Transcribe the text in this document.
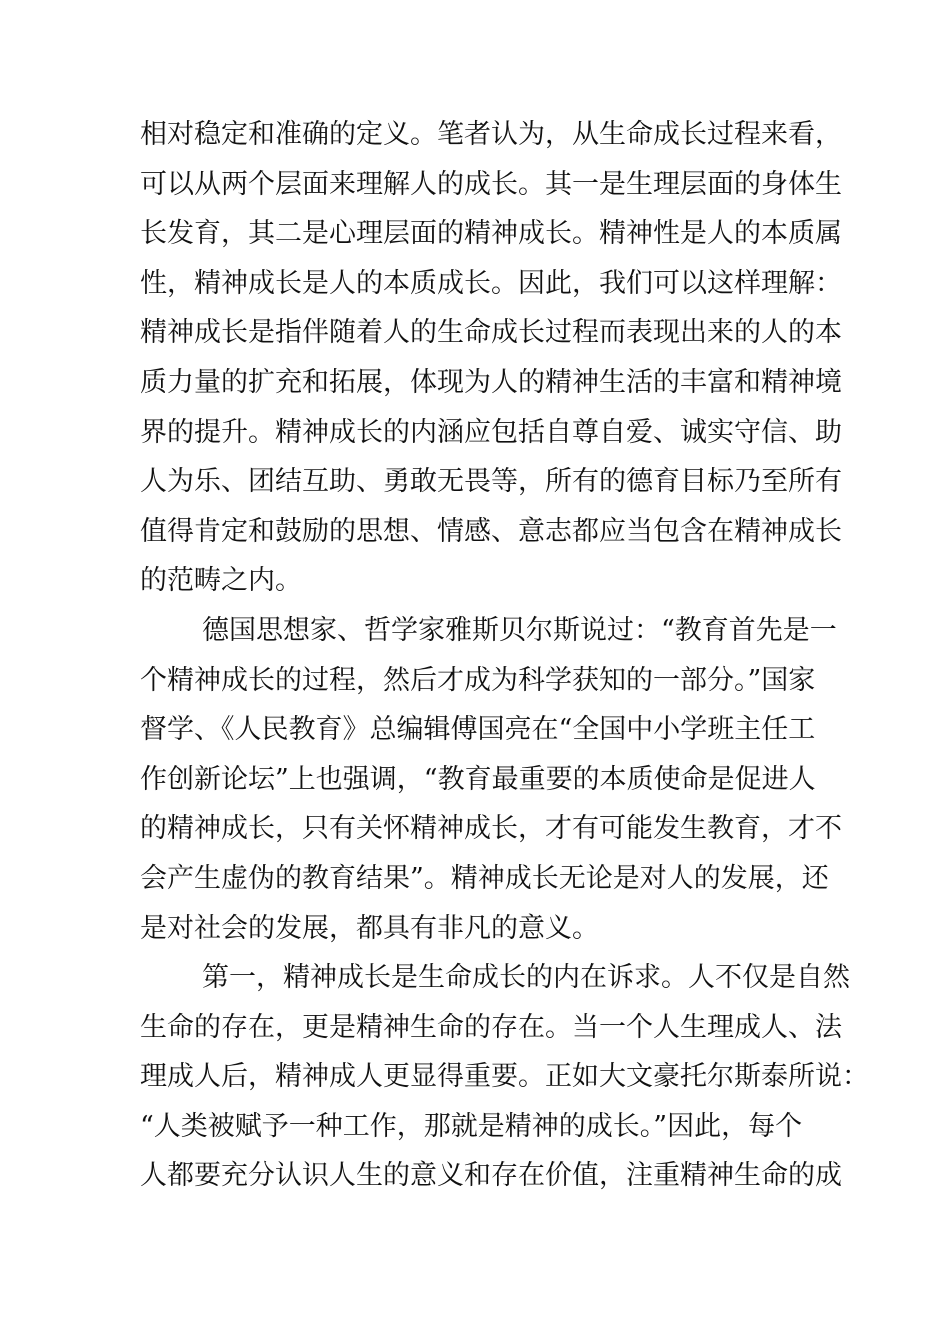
相对稳定和准确的定义。笔者认为，从生命成长过程来看，
可以从两个层面来理解人的成长。其一是生理层面的身体生
长发育，其二是心理层面的精神成长。精神性是人的本质属
性，精神成长是人的本质成长。因此，我们可以这样理解：
精神成长是指伴随着人的生命成长过程而表现出来的人的本
质力量的扩充和拓展，体现为人的精神生活的丰富和精神境
界的提升。精神成长的内涵应包括自尊自爱、诚实守信、助
人为乐、团结互助、勇敢无畏等，所有的德育目标乃至所有
值得肯定和鼓励的思想、情感、意志都应当包含在精神成长
的范畴之内。
德国思想家、哲学家雅斯贝尔斯说过：“教育首先是一
个精神成长的过程，然后才成为科学获知的一部分。”国家
督学、《人民教育》总编辑傅国亮在“全国中小学班主任工
作创新论坛”上也强调，“教育最重要的本质使命是促进人
的精神成长，只有关怀精神成长，才有可能发生教育，才不
会产生虚伪的教育结果”。精神成长无论是对人的发展，还
是对社会的发展，都具有非凡的意义。
第一，精神成长是生命成长的内在诉求。人不仅是自然
生命的存在，更是精神生命的存在。当一个人生理成人、法
理成人后，精神成人更显得重要。正如大文豪托尔斯泰所说：
“人类被赋予一种工作，那就是精神的成长。”因此，每个
人都要充分认识人生的意义和存在价值，注重精神生命的成
